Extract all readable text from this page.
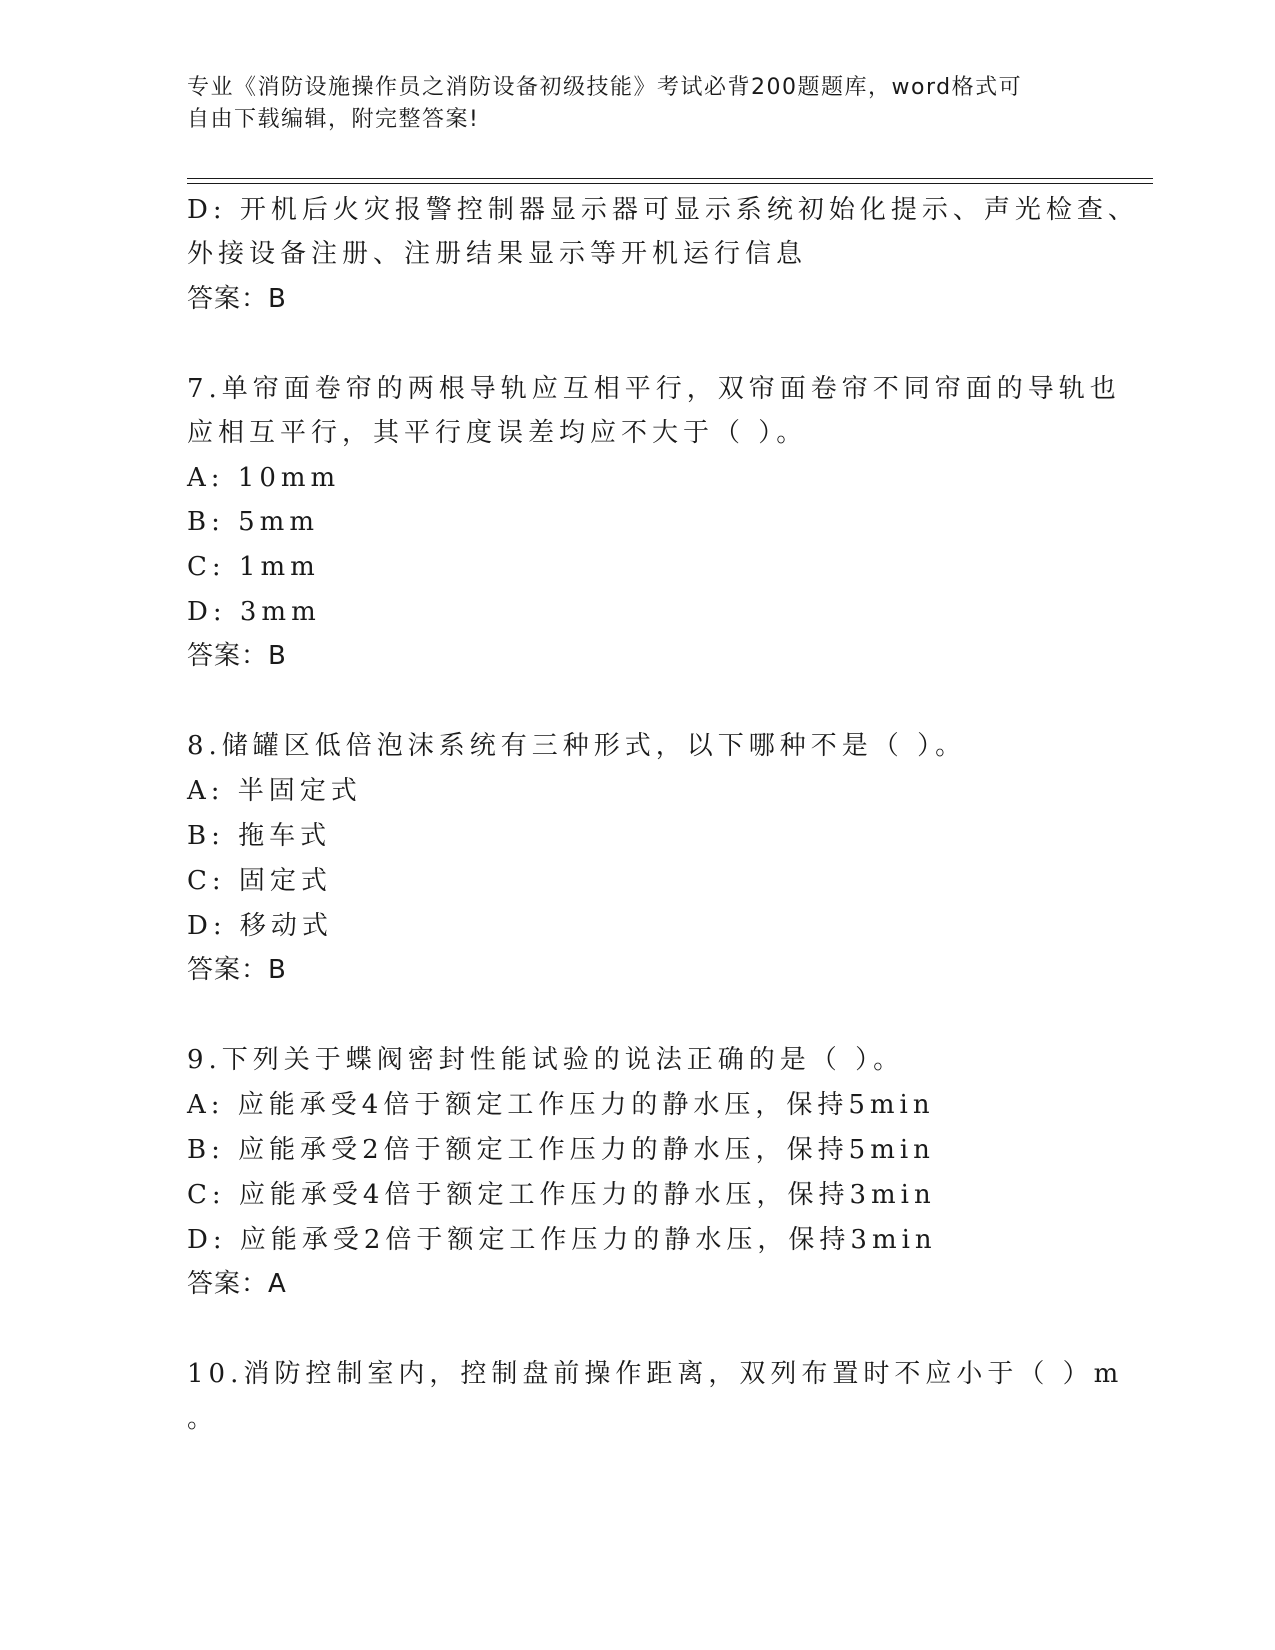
专业《消防设施操作员之消防设备初级技能》考试必背200题题库，word格式可
自由下载编辑，附完整答案!
D: 开机后火灾报警控制器显示器可显示系统初始化提示、声光检查、
外接设备注册、注册结果显示等开机运行信息
答案：B
7.单帘面卷帘的两根导轨应互相平行，双帘面卷帘不同帘面的导轨也
应相互平行，其平行度误差均应不大于（ ）。
A: 10mm
B: 5mm
C: 1mm
D: 3mm
答案：B
8.储罐区低倍泡沫系统有三种形式，以下哪种不是（ ）。
A: 半固定式
B: 拖车式
C: 固定式
D: 移动式
答案：B
9.下列关于蝶阀密封性能试验的说法正确的是（ ）。
A: 应能承受4倍于额定工作压力的静水压，保持5min
B: 应能承受2倍于额定工作压力的静水压，保持5min
C: 应能承受4倍于额定工作压力的静水压，保持3min
D: 应能承受2倍于额定工作压力的静水压，保持3min
答案：A
10.消防控制室内，控制盘前操作距离，双列布置时不应小于（ ）m
。
